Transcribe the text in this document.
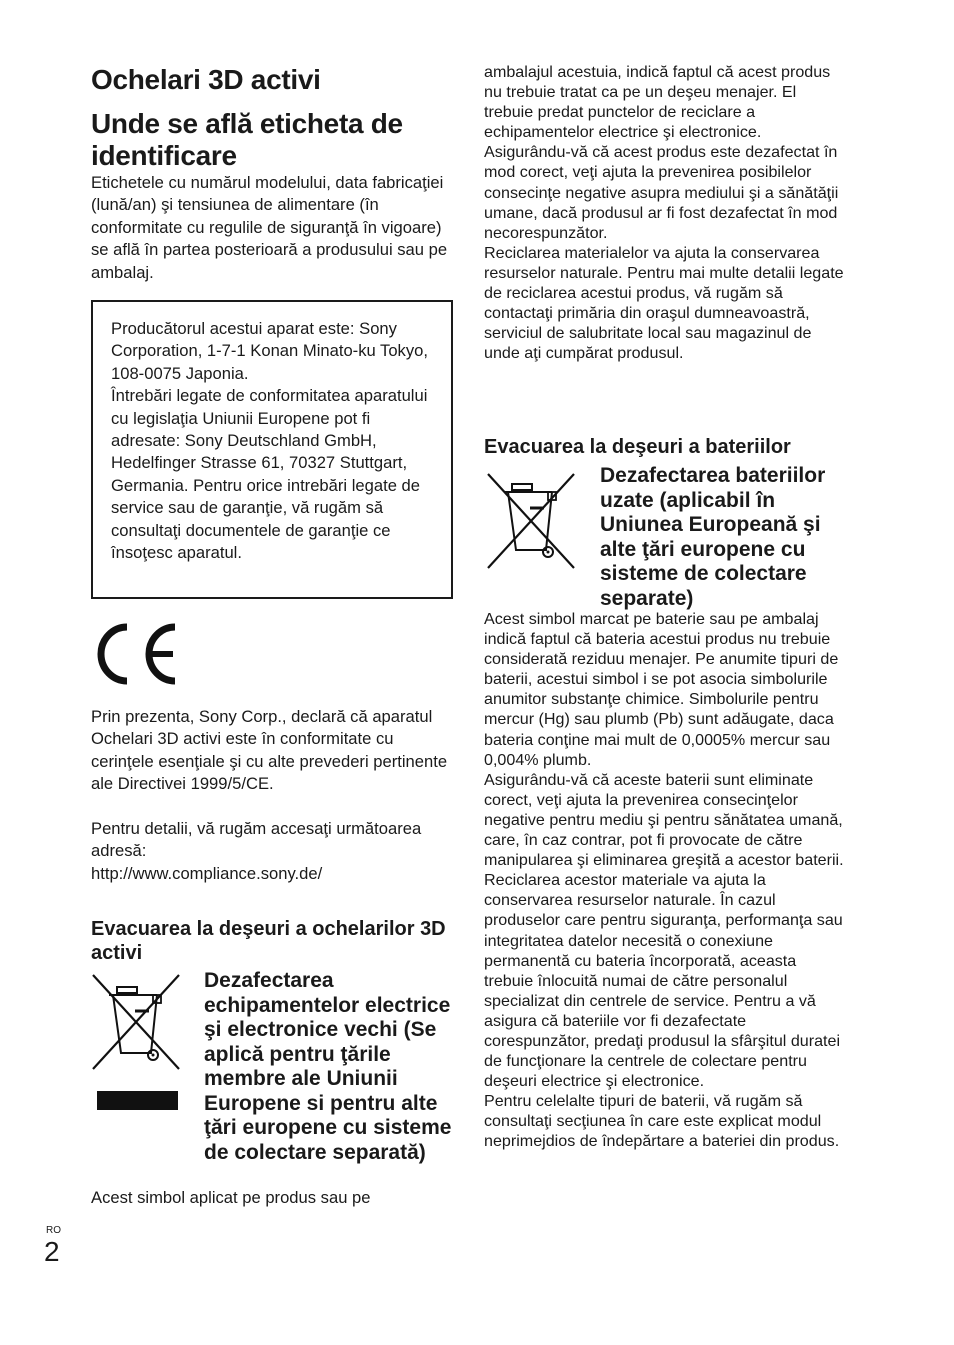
Ochelari 3D activi
Unde se află eticheta de identificare

Etichetele cu numărul modelului, data fabricaţiei (lună/an) şi tensiunea de alimentare (în conformitate cu regulile de siguranţă în vigoare) se află în partea posterioară a produsului sau pe ambalaj.

Producătorul acestui aparat este: Sony Corporation, 1-7-1 Konan Minato-ku Tokyo, 108-0075 Japonia.

Întrebări legate de conformitatea aparatului cu legislaţia Uniunii Europene pot fi adresate: Sony Deutschland GmbH, Hedelfinger Strasse 61, 70327 Stuttgart, Germania. Pentru orice intrebări legate de service sau de garanţie, vă rugăm să consultaţi documentele de garanţie ce însoţesc aparatul.

Prin prezenta, Sony Corp., declară că aparatul Ochelari 3D activi este în conformitate cu cerinţele esenţiale şi cu alte prevederi pertinente ale Directivei 1999/5/CE.

Pentru detalii, vă rugăm accesaţi următoarea adresă:

http://www.compliance.sony.de/

Evacuarea la deşeuri a ochelarilor 3D activi

Dezafectarea echipamentelor electrice şi electronice vechi (Se aplică pentru ţările membre ale Uniunii Europene si pentru alte ţări europene cu sisteme de colectare separată)

Acest simbol aplicat pe produs sau pe

ambalajul acestuia, indică faptul că acest produs nu trebuie tratat ca pe un deşeu menajer. El trebuie predat punctelor de reciclare a echipamentelor electrice şi electronice. Asigurându-vă că acest produs este dezafectat în mod corect, veţi ajuta la prevenirea posibilelor consecinţe negative asupra mediului şi a sănătăţii umane, dacă produsul ar fi fost dezafectat în mod necorespunzător.

Reciclarea materialelor va ajuta la conservarea resurselor naturale. Pentru mai multe detalii legate de reciclarea acestui produs, vă rugăm să contactaţi primăria din oraşul dumneavoastră, serviciul de salubritate local sau magazinul de unde aţi cumpărat produsul.

Evacuarea la deşeuri a bateriilor

Dezafectarea bateriilor uzate (aplicabil în Uniunea Europeană şi alte ţări europene cu sisteme de colectare separate)

Acest simbol marcat pe baterie sau pe ambalaj indică faptul că bateria acestui produs nu trebuie considerată reziduu menajer. Pe anumite tipuri de baterii, acestui simbol i se pot asocia simbolurile anumitor substanţe chimice. Simbolurile pentru mercur (Hg) sau plumb (Pb) sunt adăugate, daca bateria conţine mai mult de 0,0005% mercur sau 0,004% plumb.

Asigurându-vă că aceste baterii sunt eliminate corect, veţi ajuta la prevenirea consecinţelor negative pentru mediu şi pentru sănătatea umană, care, în caz contrar, pot fi provocate de către manipularea şi eliminarea greşită a acestor baterii. Reciclarea acestor materiale va ajuta la conservarea resurselor naturale. În cazul produselor care pentru siguranţa, performanţa sau integritatea datelor necesită o conexiune permanentă cu bateria încorporată, aceasta trebuie înlocuită numai de către personalul specializat din centrele de service. Pentru a vă asigura că bateriile vor fi dezafectate corespunzător, predaţi produsul la sfârşitul duratei de funcţionare la centrele de colectare pentru deşeuri electrice şi electronice.

Pentru celelalte tipuri de baterii, vă rugăm să consultaţi secţiunea în care este explicat modul neprimejdios de îndepărtare a bateriei din produs.

RO
2
